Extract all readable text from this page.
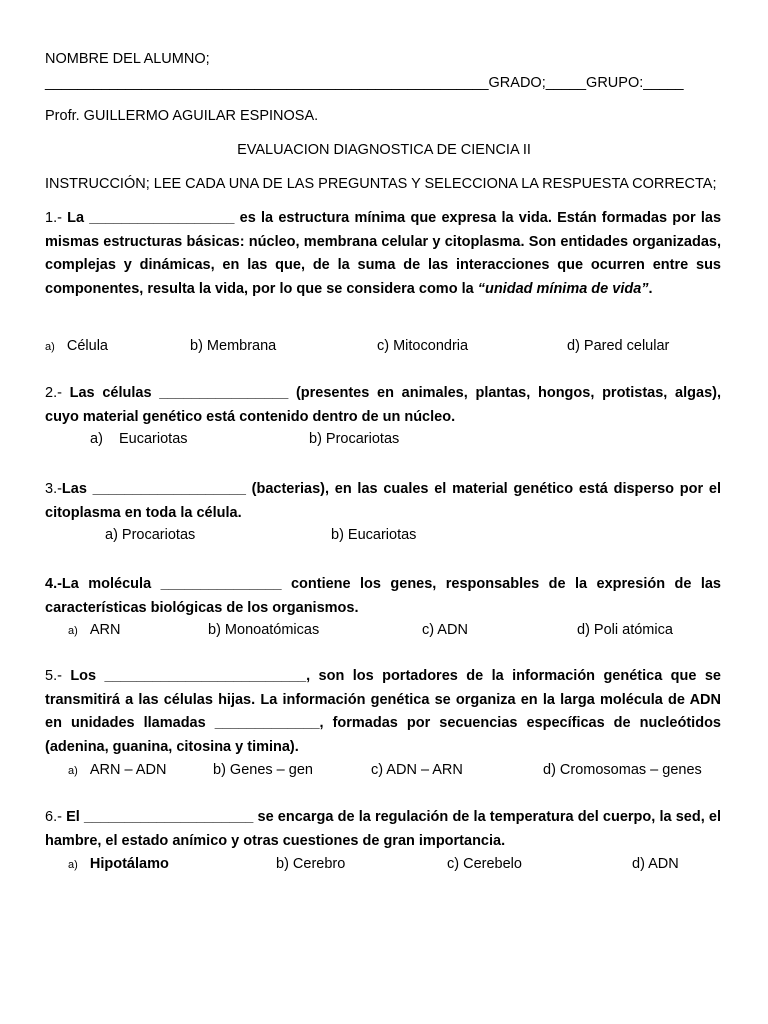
NOMBRE DEL ALUMNO;
_______________________________________________________GRADO;_____GRUPO:_____
Profr. GUILLERMO AGUILAR ESPINOSA.
EVALUACION DIAGNOSTICA DE CIENCIA II
INSTRUCCIÓN; LEE CADA UNA DE LAS PREGUNTAS Y SELECCIONA LA RESPUESTA CORRECTA;
1.- La __________________ es la estructura mínima que expresa la vida. Están formadas por las mismas estructuras básicas: núcleo, membrana celular y citoplasma. Son entidades organizadas, complejas y dinámicas, en las que, de la suma de las interacciones que ocurren entre sus componentes, resulta la vida, por lo que se considera como la “unidad mínima de vida”.
a) Célula	b) Membrana	c) Mitocondria	d) Pared celular
2.- Las células ________________ (presentes en animales, plantas, hongos, protistas, algas), cuyo material genético está contenido dentro de un núcleo.
a)    Eucariotas	b) Procariotas
3.-Las ___________________ (bacterias), en las cuales el material genético está disperso por el citoplasma en toda la célula.
a) Procariotas	b) Eucariotas
4.-La molécula _______________ contiene los genes, responsables de la expresión de las características biológicas de los organismos.
a) ARN	b) Monoatómicas	c) ADN	d) Poli atómica
5.- Los _________________________, son los portadores de la información genética que se transmitirá a las células hijas. La información genética se organiza en la larga molécula de ADN en unidades llamadas _____________, formadas por secuencias específicas de nucleótidos (adenina, guanina, citosina y timina).
a) ARN – ADN	b) Genes – gen	c) ADN – ARN	d) Cromosomas – genes
6.- El _____________________ se encarga de la regulación de la temperatura del cuerpo, la sed, el hambre, el estado anímico y otras cuestiones de gran importancia.
a) Hipotálamo	b) Cerebro	c) Cerebelo	d) ADN
